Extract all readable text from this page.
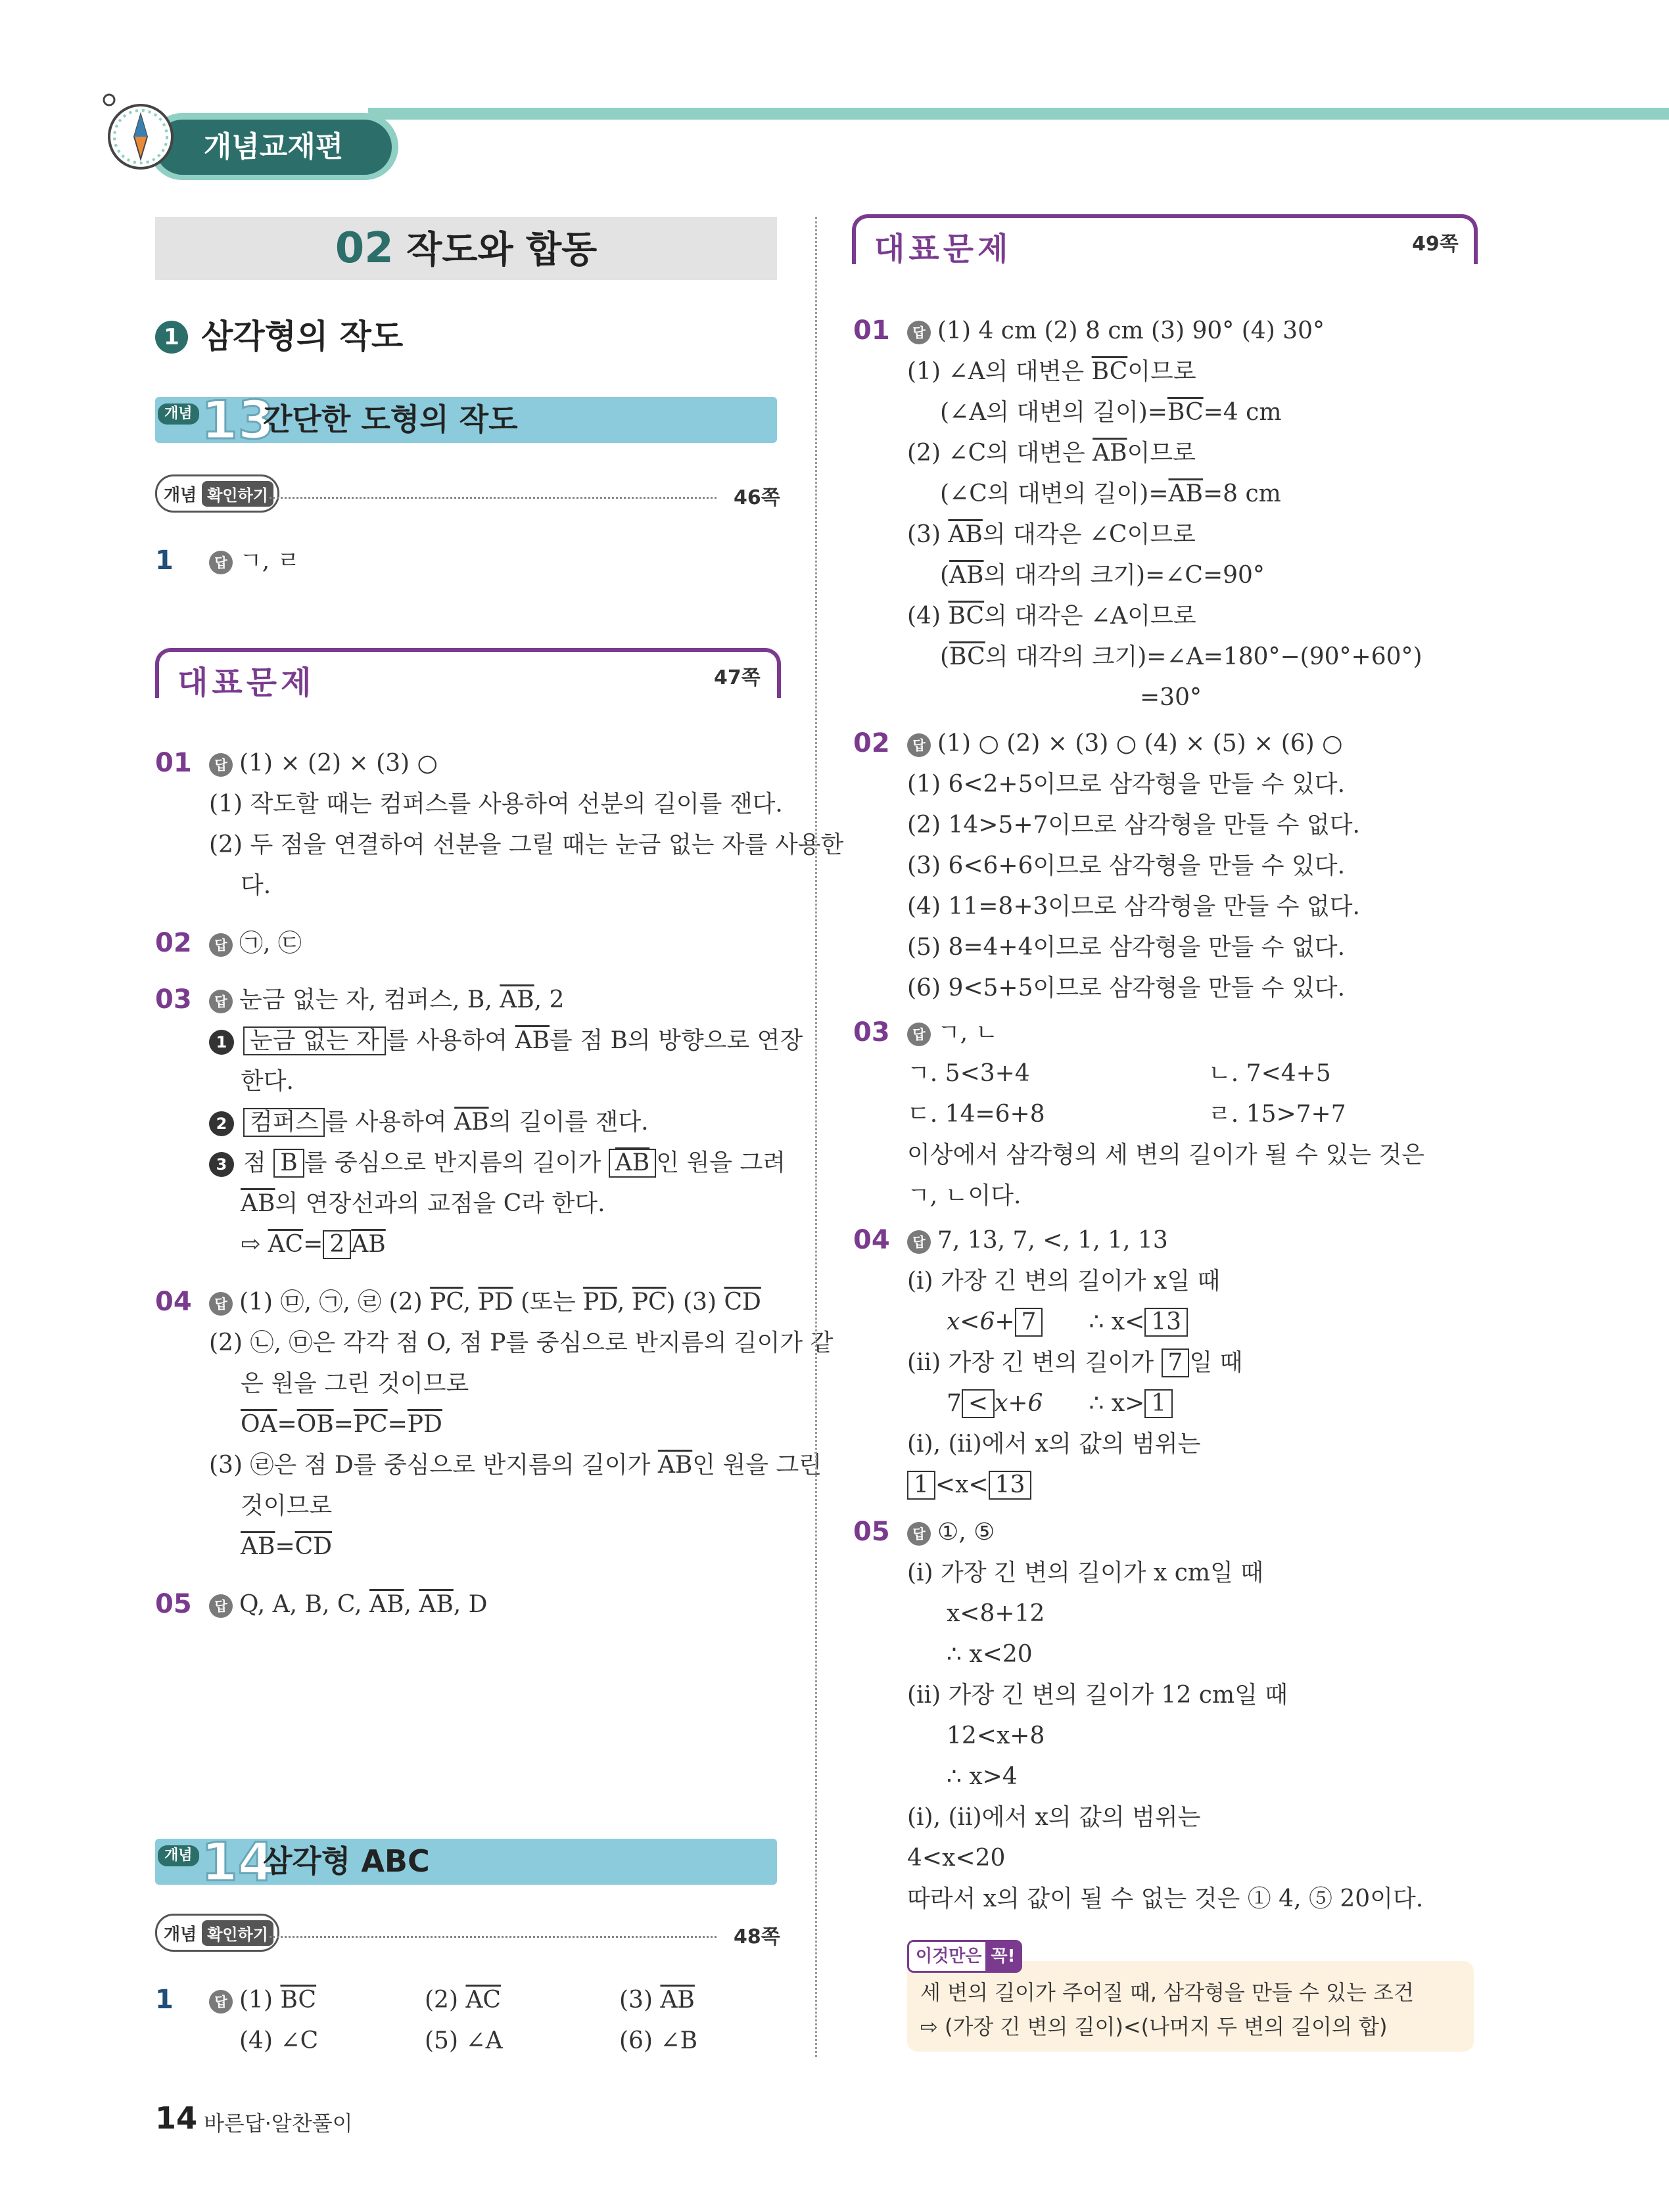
개념교재편
02 작도와 합동
1 삼각형의 작도
개념 13
간단한 도형의 작도
개념 확인하기	46쪽
1	답 ㄱ, ㄹ
대표문제	47쪽
01	답 (1) × (2) × (3) ○
(1) 작도할 때는 컴퍼스를 사용하여 선분의 길이를 잰다.
(2) 두 점을 연결하여 선분을 그릴 때는 눈금 없는 자를 사용한
다.
02	답 ㉠, ㉢
03	답 눈금 없는 자, 컴퍼스, B, $\overline{AB}$, 2
1 눈금 없는 자 를 사용하여 $\overline{AB}$를 점 B의 방향으로 연장
한다.
2 컴퍼스 를 사용하여 $\overline{AB}$의 길이를 잰다.
3 점 B 를 중심으로 반지름의 길이가 $\overline{AB}$ 인 원을 그려
$\overline{AB}$의 연장선과의 교점을 C라 한다.
⇨ $\overline{AC}= 2$ $\overline{AB}$
04	답 (1) ㉤, ㉠, ㉣ (2) $\overline{PC}$, $\overline{PD}$ (또는 $\overline{PD}$, $\overline{PC}$) (3) $\overline{CD}$
(2) ㉡, ㉤은 각각 점 O, 점 P를 중심으로 반지름의 길이가 같
은 원을 그린 것이므로
$\overline{OA}=\overline{OB}=\overline{PC}=\overline{PD}$
(3) ㉣은 점 D를 중심으로 반지름의 길이가 $\overline{AB}$인 원을 그린
것이므로
$\overline{AB}=\overline{CD}$
05	답 Q, A, B, C, $\overline{AB}$, $\overline{AB}$, D
개념 14
삼각형 ABC
개념 확인하기	48쪽
1	답 (1) $\overline{BC}$	(2) $\overline{AC}$	(3) $\overline{AB}$
(4) ∠C	(5) ∠A	(6) ∠B
대표문제	49쪽
01	답 (1) 4 cm (2) 8 cm (3) 90° (4) 30°
(1) ∠A의 대변은 $\overline{BC}$이므로
(∠A의 대변의 길이)$=\overline{BC}=4$ cm
(2) ∠C의 대변은 $\overline{AB}$이므로
(∠C의 대변의 길이)$=\overline{AB}=8$ cm
(3) $\overline{AB}$의 대각은 ∠C이므로
($\overline{AB}$의 대각의 크기)=∠C=90°
(4) $\overline{BC}$의 대각은 ∠A이므로
($\overline{BC}$의 대각의 크기)=∠A=180°−(90°+60°)
=30°
02	답 (1) ○ (2) × (3) ○ (4) × (5) × (6) ○
(1) 6<2+5이므로 삼각형을 만들 수 있다.
(2) 14>5+7이므로 삼각형을 만들 수 없다.
(3) 6<6+6이므로 삼각형을 만들 수 있다.
(4) 11=8+3이므로 삼각형을 만들 수 없다.
(5) 8=4+4이므로 삼각형을 만들 수 없다.
(6) 9<5+5이므로 삼각형을 만들 수 있다.
03	답 ㄱ, ㄴ
ㄱ. 5<3+4	ㄴ. 7<4+5
ㄷ. 14=6+8	ㄹ. 15>7+7
이상에서 삼각형의 세 변의 길이가 될 수 있는 것은
ㄱ, ㄴ이다.
04	답 7, 13, 7, <, 1, 1, 13
(ⅰ) 가장 긴 변의 길이가 x일 때
x<6+ 7 ∴ x< 13
(ⅱ) 가장 긴 변의 길이가 7 일 때
7 < x+6 ∴ x> 1
(ⅰ), (ⅱ)에서 x의 값의 범위는
1 <x< 13
05	답 ①, ⑤
(ⅰ) 가장 긴 변의 길이가 x cm일 때
x<8+12
∴ x<20
(ⅱ) 가장 긴 변의 길이가 12 cm일 때
12<x+8
∴ x>4
(ⅰ), (ⅱ)에서 x의 값의 범위는
4<x<20
따라서 x의 값이 될 수 없는 것은 ① 4, ⑤ 20이다.
이것만은 꼭!
세 변의 길이가 주어질 때, 삼각형을 만들 수 있는 조건
⇨ (가장 긴 변의 길이)<(나머지 두 변의 길이의 합)
14 바른답·알찬풀이
